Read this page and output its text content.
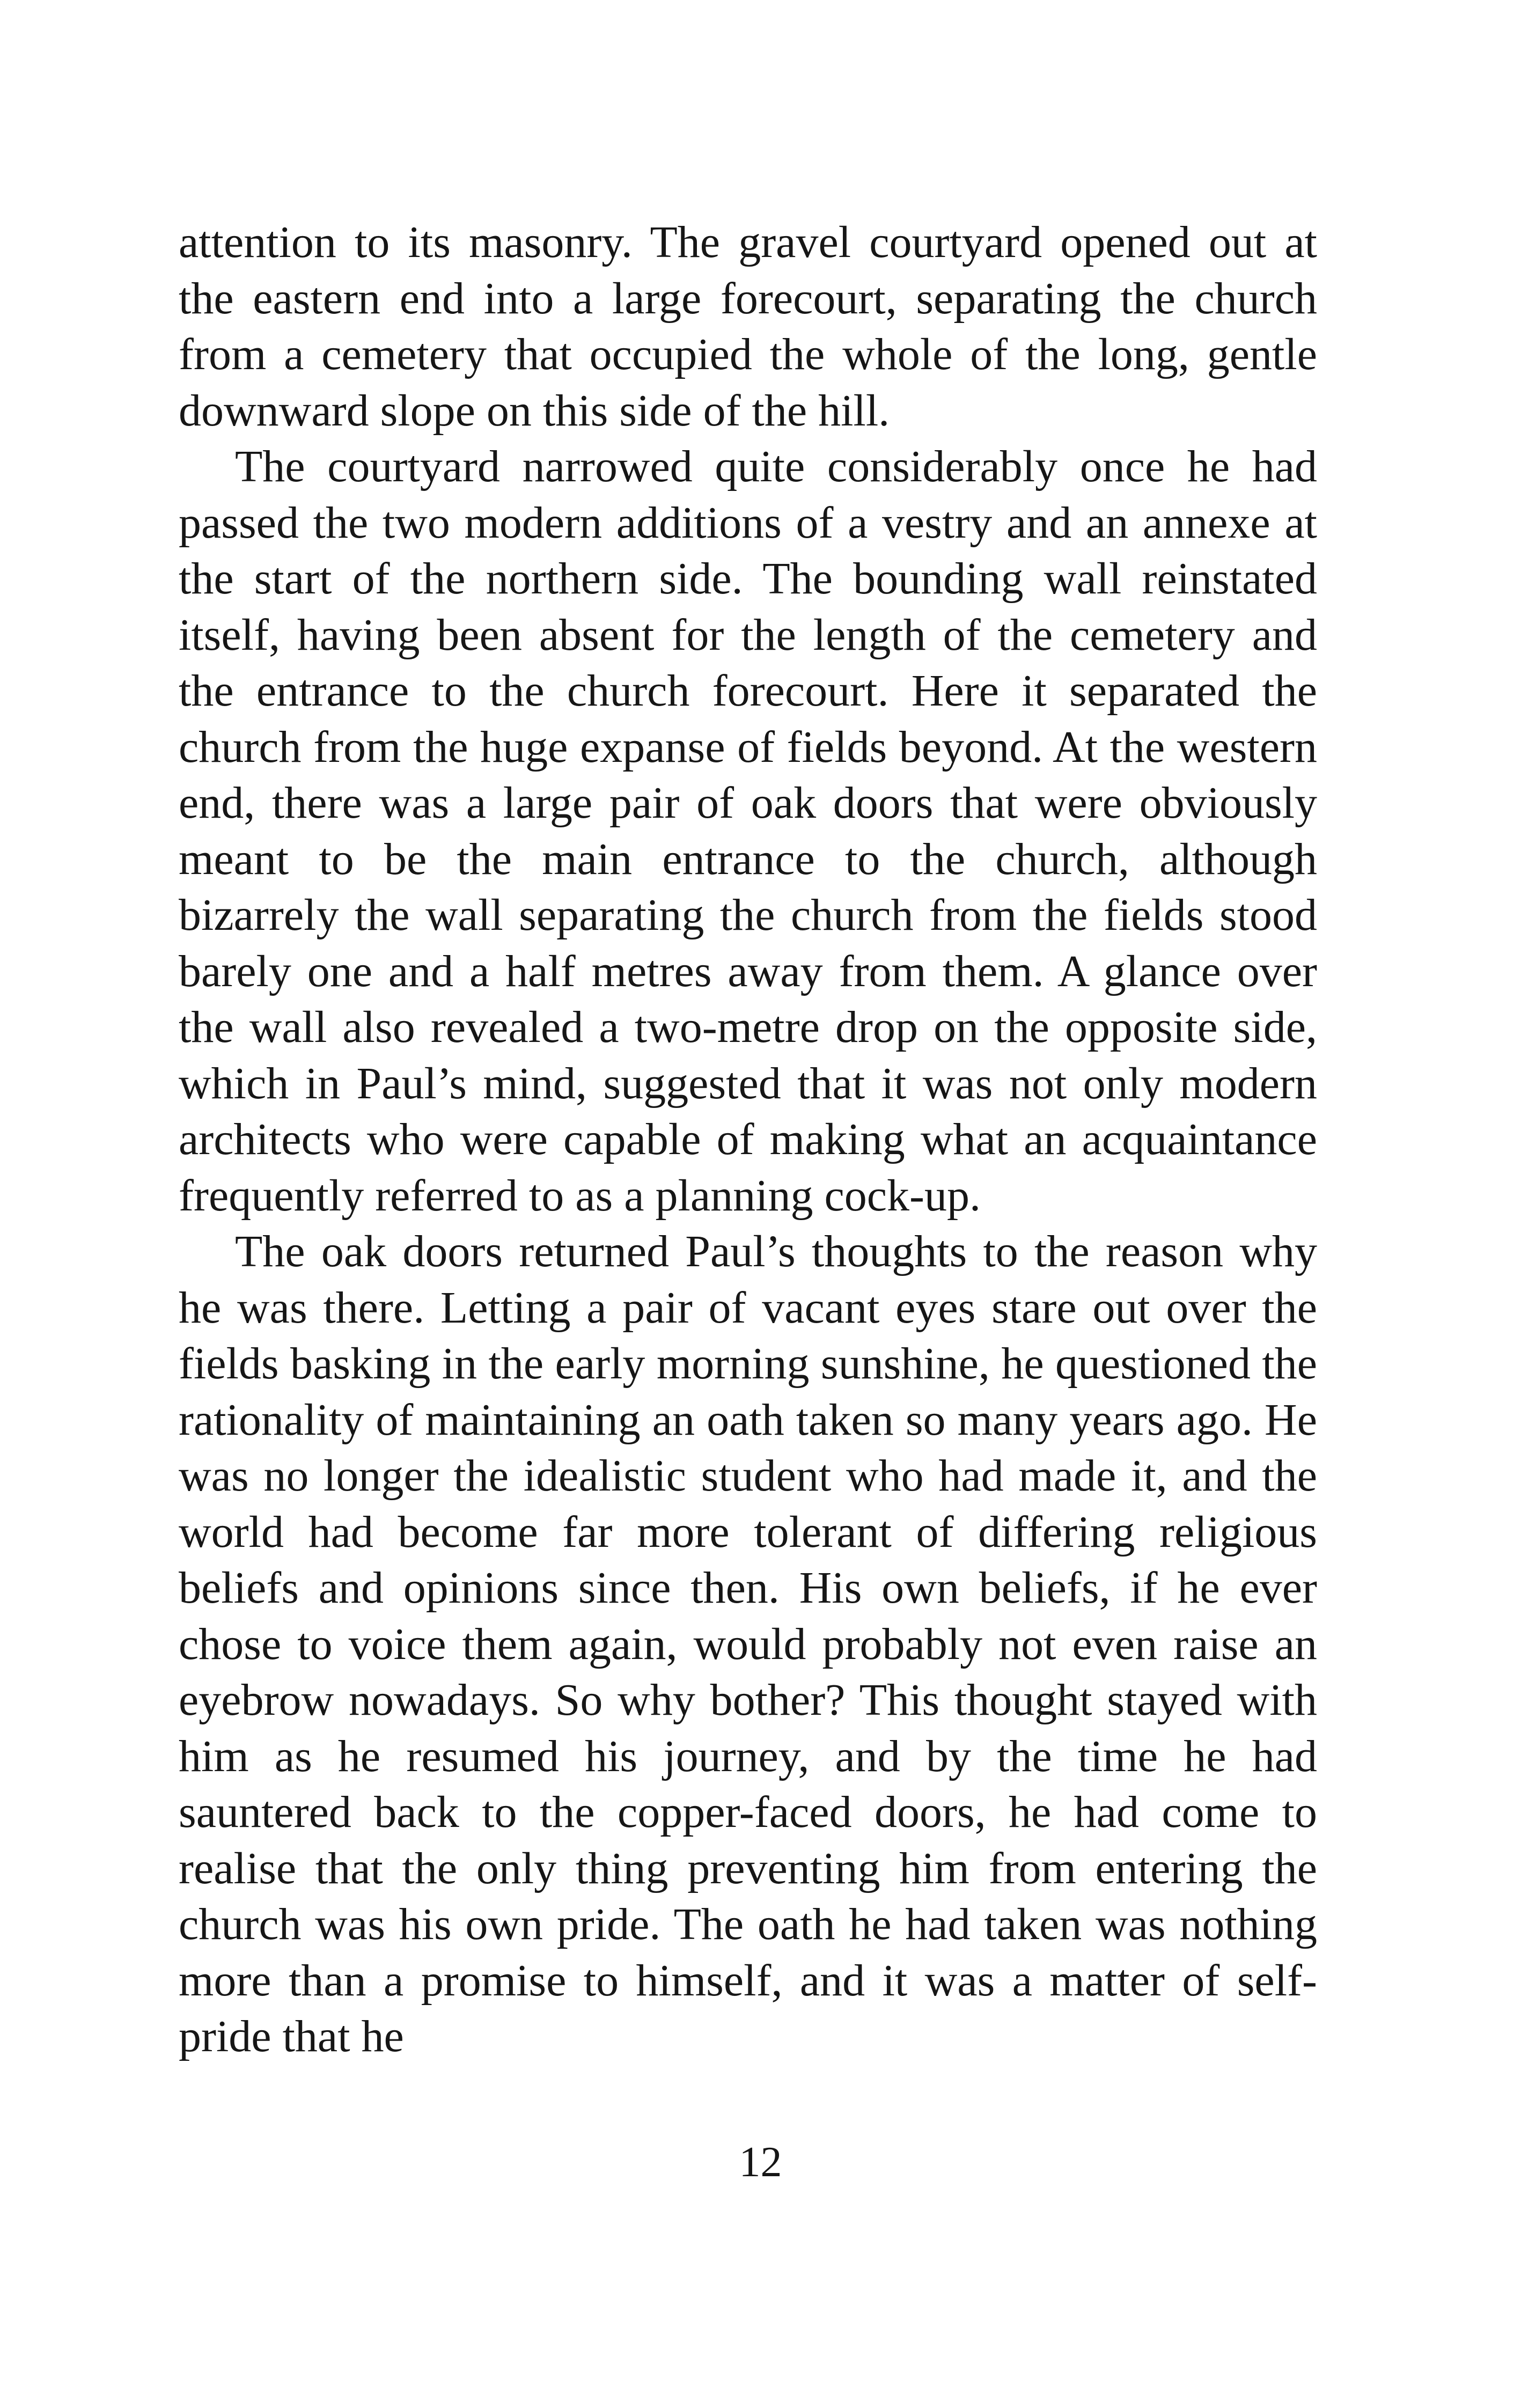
attention to its masonry. The gravel courtyard opened out at the eastern end into a large forecourt, separating the church from a cemetery that occupied the whole of the long, gentle downward slope on this side of the hill.

The courtyard narrowed quite considerably once he had passed the two modern additions of a vestry and an annexe at the start of the northern side. The bounding wall reinstated itself, having been absent for the length of the cemetery and the entrance to the church forecourt. Here it separated the church from the huge expanse of fields beyond. At the western end, there was a large pair of oak doors that were obviously meant to be the main entrance to the church, although bizarrely the wall separating the church from the fields stood barely one and a half metres away from them. A glance over the wall also revealed a two-metre drop on the opposite side, which in Paul’s mind, suggested that it was not only modern architects who were capable of making what an acquaintance frequently referred to as a planning cock-up.

The oak doors returned Paul’s thoughts to the reason why he was there. Letting a pair of vacant eyes stare out over the fields basking in the early morning sunshine, he questioned the rationality of maintaining an oath taken so many years ago. He was no longer the idealistic student who had made it, and the world had become far more tolerant of differing religious beliefs and opinions since then. His own beliefs, if he ever chose to voice them again, would probably not even raise an eyebrow nowadays. So why bother? This thought stayed with him as he resumed his journey, and by the time he had sauntered back to the copper-faced doors, he had come to realise that the only thing preventing him from entering the church was his own pride. The oath he had taken was nothing more than a promise to himself, and it was a matter of self-pride that he

12
